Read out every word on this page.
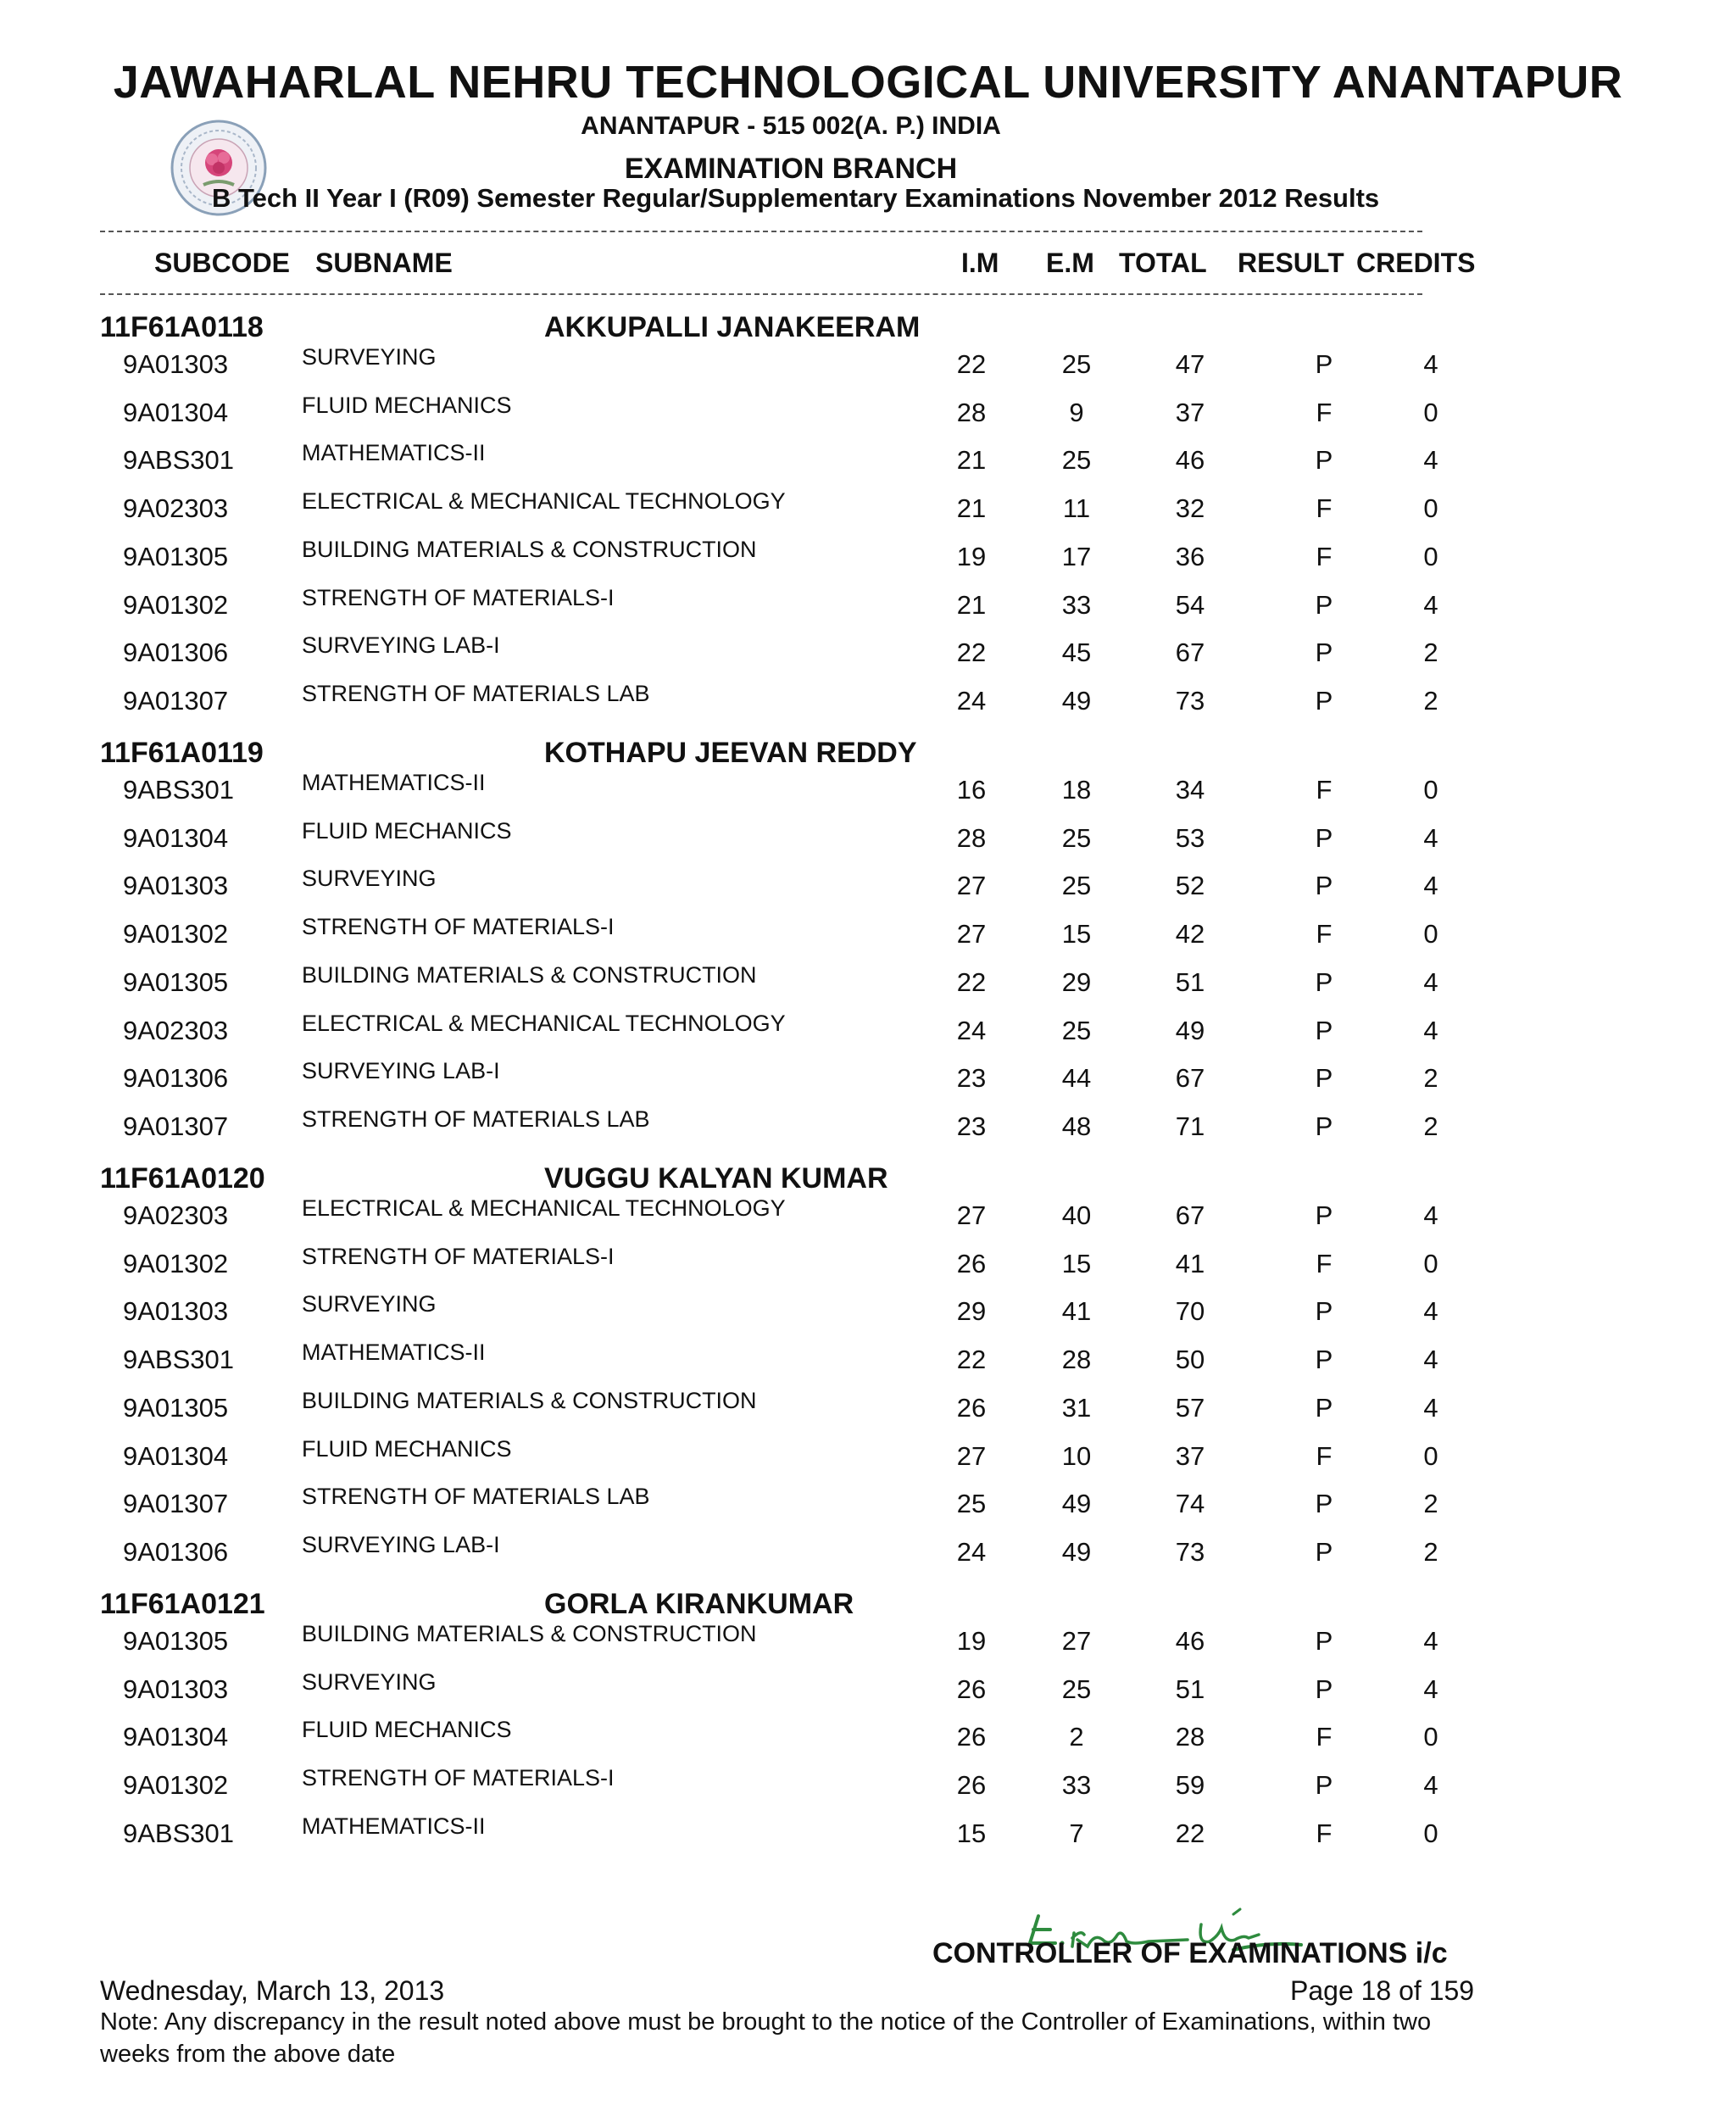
JAWAHARLAL NEHRU TECHNOLOGICAL UNIVERSITY ANANTAPUR
ANANTAPUR - 515 002(A. P.) INDIA
EXAMINATION BRANCH
B Tech II Year I (R09) Semester Regular/Supplementary Examinations November 2012 Results
SUBCODE SUBNAME	I.M E.M TOTAL RESULT CREDITS
11F61A0118	AKKUPALLI JANAKEERAM
9A01303	SURVEYING	22	25	47	P	4
9A01304	FLUID MECHANICS	28	9	37	F	0
9ABS301	MATHEMATICS-II	21	25	46	P	4
9A02303	ELECTRICAL & MECHANICAL TECHNOLOGY	21	11	32	F	0
9A01305	BUILDING MATERIALS & CONSTRUCTION	19	17	36	F	0
9A01302	STRENGTH OF MATERIALS-I	21	33	54	P	4
9A01306	SURVEYING LAB-I	22	45	67	P	2
9A01307	STRENGTH OF MATERIALS LAB	24	49	73	P	2
11F61A0119	KOTHAPU JEEVAN REDDY
9ABS301	MATHEMATICS-II	16	18	34	F	0
9A01304	FLUID MECHANICS	28	25	53	P	4
9A01303	SURVEYING	27	25	52	P	4
9A01302	STRENGTH OF MATERIALS-I	27	15	42	F	0
9A01305	BUILDING MATERIALS & CONSTRUCTION	22	29	51	P	4
9A02303	ELECTRICAL & MECHANICAL TECHNOLOGY	24	25	49	P	4
9A01306	SURVEYING LAB-I	23	44	67	P	2
9A01307	STRENGTH OF MATERIALS LAB	23	48	71	P	2
11F61A0120	VUGGU KALYAN KUMAR
9A02303	ELECTRICAL & MECHANICAL TECHNOLOGY	27	40	67	P	4
9A01302	STRENGTH OF MATERIALS-I	26	15	41	F	0
9A01303	SURVEYING	29	41	70	P	4
9ABS301	MATHEMATICS-II	22	28	50	P	4
9A01305	BUILDING MATERIALS & CONSTRUCTION	26	31	57	P	4
9A01304	FLUID MECHANICS	27	10	37	F	0
9A01307	STRENGTH OF MATERIALS LAB	25	49	74	P	2
9A01306	SURVEYING LAB-I	24	49	73	P	2
11F61A0121	GORLA KIRANKUMAR
9A01305	BUILDING MATERIALS & CONSTRUCTION	19	27	46	P	4
9A01303	SURVEYING	26	25	51	P	4
9A01304	FLUID MECHANICS	26	2	28	F	0
9A01302	STRENGTH OF MATERIALS-I	26	33	59	P	4
9ABS301	MATHEMATICS-II	15	7	22	F	0
CONTROLLER OF EXAMINATIONS i/c
Wednesday, March 13, 2013	Page 18 of 159
Note: Any discrepancy in the result noted above must be brought to the notice of the Controller of Examinations, within two weeks from the above date
